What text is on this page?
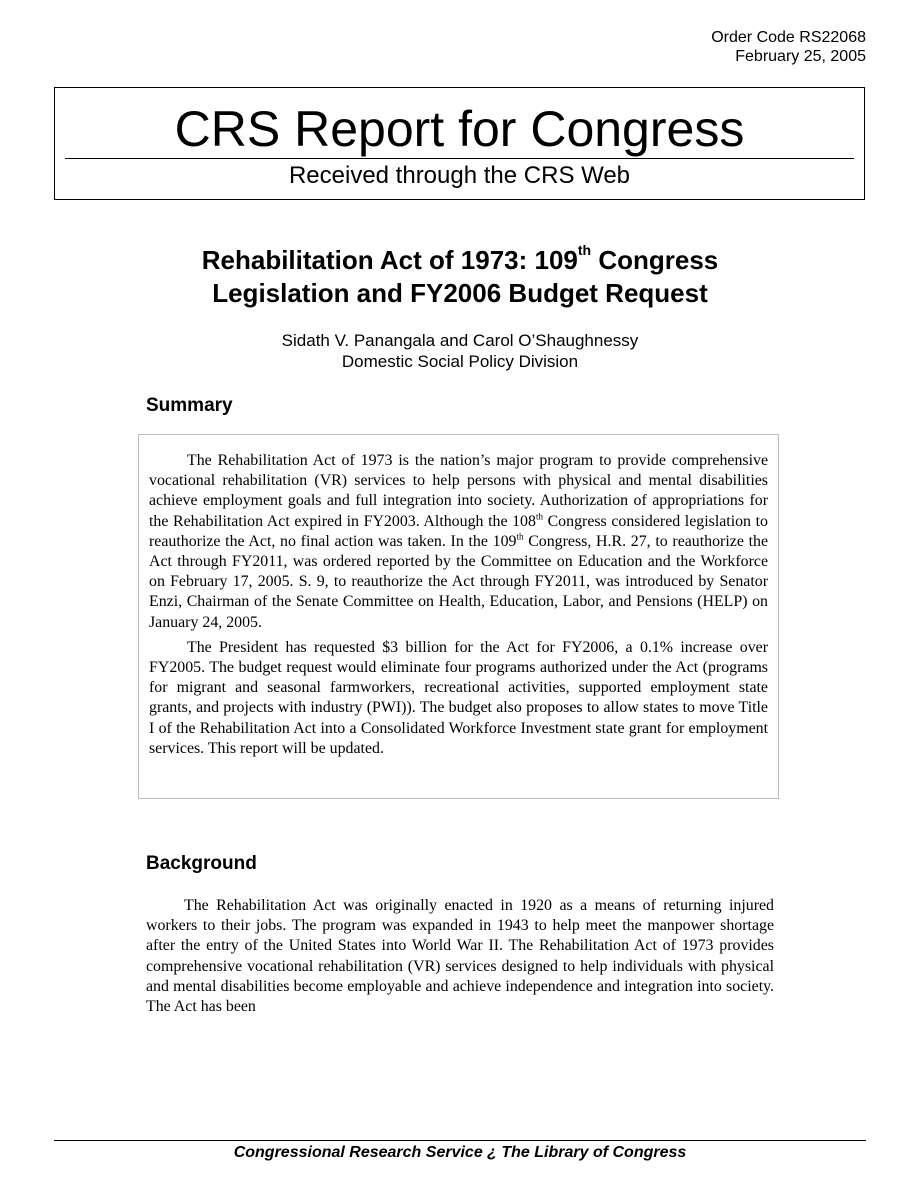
Order Code RS22068
February 25, 2005
CRS Report for Congress
Received through the CRS Web
Rehabilitation Act of 1973: 109th Congress
Legislation and FY2006 Budget Request
Sidath V. Panangala and Carol O’Shaughnessy
Domestic Social Policy Division
Summary

The Rehabilitation Act of 1973 is the nation’s major program to provide comprehensive vocational rehabilitation (VR) services to help persons with physical and mental disabilities achieve employment goals and full integration into society. Authorization of appropriations for the Rehabilitation Act expired in FY2003. Although the 108th Congress considered legislation to reauthorize the Act, no final action was taken. In the 109th Congress, H.R. 27, to reauthorize the Act through FY2011, was ordered reported by the Committee on Education and the Workforce on February 17, 2005. S. 9, to reauthorize the Act through FY2011, was introduced by Senator Enzi, Chairman of the Senate Committee on Health, Education, Labor, and Pensions (HELP) on January 24, 2005.

The President has requested $3 billion for the Act for FY2006, a 0.1% increase over FY2005. The budget request would eliminate four programs authorized under the Act (programs for migrant and seasonal farmworkers, recreational activities, supported employment state grants, and projects with industry (PWI)). The budget also proposes to allow states to move Title I of the Rehabilitation Act into a Consolidated Workforce Investment state grant for employment services. This report will be updated.

Background

The Rehabilitation Act was originally enacted in 1920 as a means of returning injured workers to their jobs. The program was expanded in 1943 to help meet the manpower shortage after the entry of the United States into World War II. The Rehabilitation Act of 1973 provides comprehensive vocational rehabilitation (VR) services designed to help individuals with physical and mental disabilities become employable and achieve independence and integration into society. The Act has been

Congressional Research Service ¿ The Library of Congress
